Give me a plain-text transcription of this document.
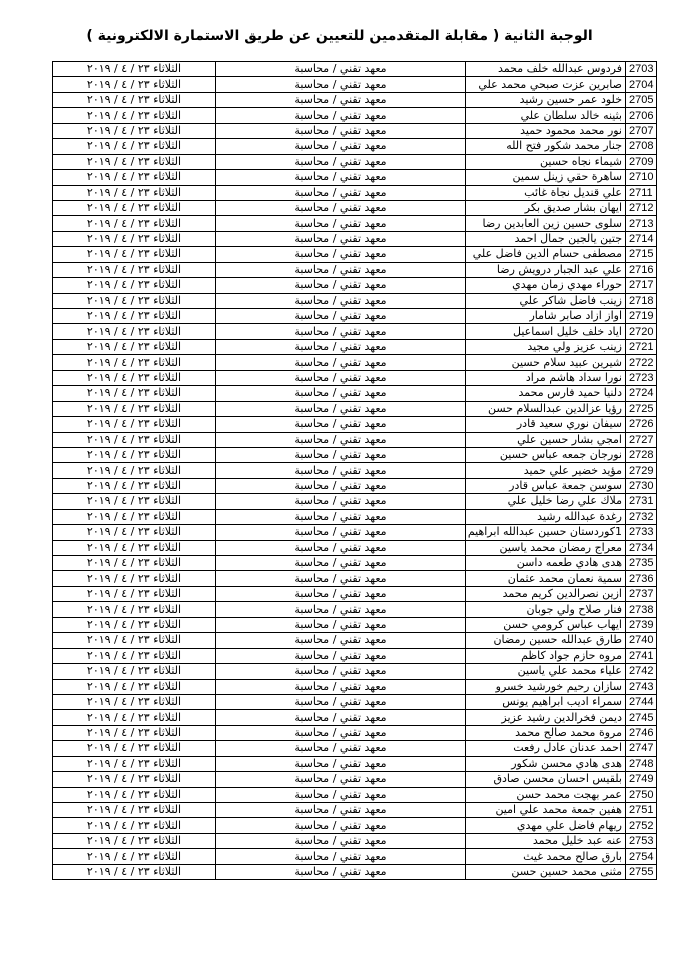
الوجبة الثانية ( مقابلة المتقدمين للتعيين عن طريق الاستمارة الالكترونية )
2703	فردوس عبدالله خلف محمد	معهد تقني / محاسبة	الثلاثاء ٢٣ / ٤ / ٢٠١٩
2704	صابرين عزت صبحي محمد علي	معهد تقني / محاسبة	الثلاثاء ٢٣ / ٤ / ٢٠١٩
2705	خلود عمر حسين رشيد	معهد تقني / محاسبة	الثلاثاء ٢٣ / ٤ / ٢٠١٩
2706	بثينه خالد سلطان علي	معهد تقني / محاسبة	الثلاثاء ٢٣ / ٤ / ٢٠١٩
2707	نور محمد محمود حميد	معهد تقني / محاسبة	الثلاثاء ٢٣ / ٤ / ٢٠١٩
2708	جنار محمد شكور فتح الله	معهد تقني / محاسبة	الثلاثاء ٢٣ / ٤ / ٢٠١٩
2709	شيماء نجاه حسين	معهد تقني / محاسبة	الثلاثاء ٢٣ / ٤ / ٢٠١٩
2710	ساهرة حقي زينل سمين	معهد تقني / محاسبة	الثلاثاء ٢٣ / ٤ / ٢٠١٩
2711	علي قنديل نجاة غائب	معهد تقني / محاسبة	الثلاثاء ٢٣ / ٤ / ٢٠١٩
2712	ايهان بشار صديق بكر	معهد تقني / محاسبة	الثلاثاء ٢٣ / ٤ / ٢٠١٩
2713	سلوى حسين زين العابدين رضا	معهد تقني / محاسبة	الثلاثاء ٢٣ / ٤ / ٢٠١٩
2714	جتين يالجين جمال احمد	معهد تقني / محاسبة	الثلاثاء ٢٣ / ٤ / ٢٠١٩
2715	مصطفى حسام الدين فاضل علي	معهد تقني / محاسبة	الثلاثاء ٢٣ / ٤ / ٢٠١٩
2716	علي عبد الجبار درويش رضا	معهد تقني / محاسبة	الثلاثاء ٢٣ / ٤ / ٢٠١٩
2717	حوراء مهدي زمان مهدي	معهد تقني / محاسبة	الثلاثاء ٢٣ / ٤ / ٢٠١٩
2718	زينب فاضل شاكر علي	معهد تقني / محاسبة	الثلاثاء ٢٣ / ٤ / ٢٠١٩
2719	اواز ازاد صابر شامار	معهد تقني / محاسبة	الثلاثاء ٢٣ / ٤ / ٢٠١٩
2720	اياد خلف خليل اسماعيل	معهد تقني / محاسبة	الثلاثاء ٢٣ / ٤ / ٢٠١٩
2721	زينب عزيز ولي مجيد	معهد تقني / محاسبة	الثلاثاء ٢٣ / ٤ / ٢٠١٩
2722	شيرين عبيد سلام حسين	معهد تقني / محاسبة	الثلاثاء ٢٣ / ٤ / ٢٠١٩
2723	نورا سداد هاشم مراد	معهد تقني / محاسبة	الثلاثاء ٢٣ / ٤ / ٢٠١٩
2724	دلنيا حميد فارس محمد	معهد تقني / محاسبة	الثلاثاء ٢٣ / ٤ / ٢٠١٩
2725	رؤيا عزالدين عبدالسلام حسن	معهد تقني / محاسبة	الثلاثاء ٢٣ / ٤ / ٢٠١٩
2726	سيفان نوري سعيد قادر	معهد تقني / محاسبة	الثلاثاء ٢٣ / ٤ / ٢٠١٩
2727	امجي بشار حسين علي	معهد تقني / محاسبة	الثلاثاء ٢٣ / ٤ / ٢٠١٩
2728	نورجان جمعه عباس حسين	معهد تقني / محاسبة	الثلاثاء ٢٣ / ٤ / ٢٠١٩
2729	مؤيد خضير علي حميد	معهد تقني / محاسبة	الثلاثاء ٢٣ / ٤ / ٢٠١٩
2730	سوسن جمعة عباس قادر	معهد تقني / محاسبة	الثلاثاء ٢٣ / ٤ / ٢٠١٩
2731	ملاك علي رضا خليل علي	معهد تقني / محاسبة	الثلاثاء ٢٣ / ٤ / ٢٠١٩
2732	رغدة عبدالله رشيد	معهد تقني / محاسبة	الثلاثاء ٢٣ / ٤ / ٢٠١٩
2733	1كوردستان حسين عبدالله ابراهيم	معهد تقني / محاسبة	الثلاثاء ٢٣ / ٤ / ٢٠١٩
2734	معراج رمضان محمد ياسين	معهد تقني / محاسبة	الثلاثاء ٢٣ / ٤ / ٢٠١٩
2735	هدى هادي طعمه داسن	معهد تقني / محاسبة	الثلاثاء ٢٣ / ٤ / ٢٠١٩
2736	سمية نعمان محمد عثمان	معهد تقني / محاسبة	الثلاثاء ٢٣ / ٤ / ٢٠١٩
2737	ازين نصرالدين كريم محمد	معهد تقني / محاسبة	الثلاثاء ٢٣ / ٤ / ٢٠١٩
2738	فنار صلاح ولي جوبان	معهد تقني / محاسبة	الثلاثاء ٢٣ / ٤ / ٢٠١٩
2739	ايهاب عباس كرومي حسن	معهد تقني / محاسبة	الثلاثاء ٢٣ / ٤ / ٢٠١٩
2740	طارق عبدالله حسين رمضان	معهد تقني / محاسبة	الثلاثاء ٢٣ / ٤ / ٢٠١٩
2741	مروه حازم جواد كاظم	معهد تقني / محاسبة	الثلاثاء ٢٣ / ٤ / ٢٠١٩
2742	علياء محمد علي ياسين	معهد تقني / محاسبة	الثلاثاء ٢٣ / ٤ / ٢٠١٩
2743	سازان رحيم خورشيد خسرو	معهد تقني / محاسبة	الثلاثاء ٢٣ / ٤ / ٢٠١٩
2744	سمراء اديب ابراهيم يونس	معهد تقني / محاسبة	الثلاثاء ٢٣ / ٤ / ٢٠١٩
2745	ديمن فخرالدين رشيد عزيز	معهد تقني / محاسبة	الثلاثاء ٢٣ / ٤ / ٢٠١٩
2746	مروة محمد صالح محمد	معهد تقني / محاسبة	الثلاثاء ٢٣ / ٤ / ٢٠١٩
2747	احمد عدنان عادل رفعت	معهد تقني / محاسبة	الثلاثاء ٢٣ / ٤ / ٢٠١٩
2748	هدى هادي محسن شكور	معهد تقني / محاسبة	الثلاثاء ٢٣ / ٤ / ٢٠١٩
2749	بلقيس احسان محسن صادق	معهد تقني / محاسبة	الثلاثاء ٢٣ / ٤ / ٢٠١٩
2750	عمر بهجت محمد حسن	معهد تقني / محاسبة	الثلاثاء ٢٣ / ٤ / ٢٠١٩
2751	هفين جمعة محمد علي امين	معهد تقني / محاسبة	الثلاثاء ٢٣ / ٤ / ٢٠١٩
2752	ريهام فاضل علي مهدي	معهد تقني / محاسبة	الثلاثاء ٢٣ / ٤ / ٢٠١٩
2753	عنه عبد خليل محمد	معهد تقني / محاسبة	الثلاثاء ٢٣ / ٤ / ٢٠١٩
2754	بارق صالح محمد غيث	معهد تقني / محاسبة	الثلاثاء ٢٣ / ٤ / ٢٠١٩
2755	مثنى محمد حسين حسن	معهد تقني / محاسبة	الثلاثاء ٢٣ / ٤ / ٢٠١٩
